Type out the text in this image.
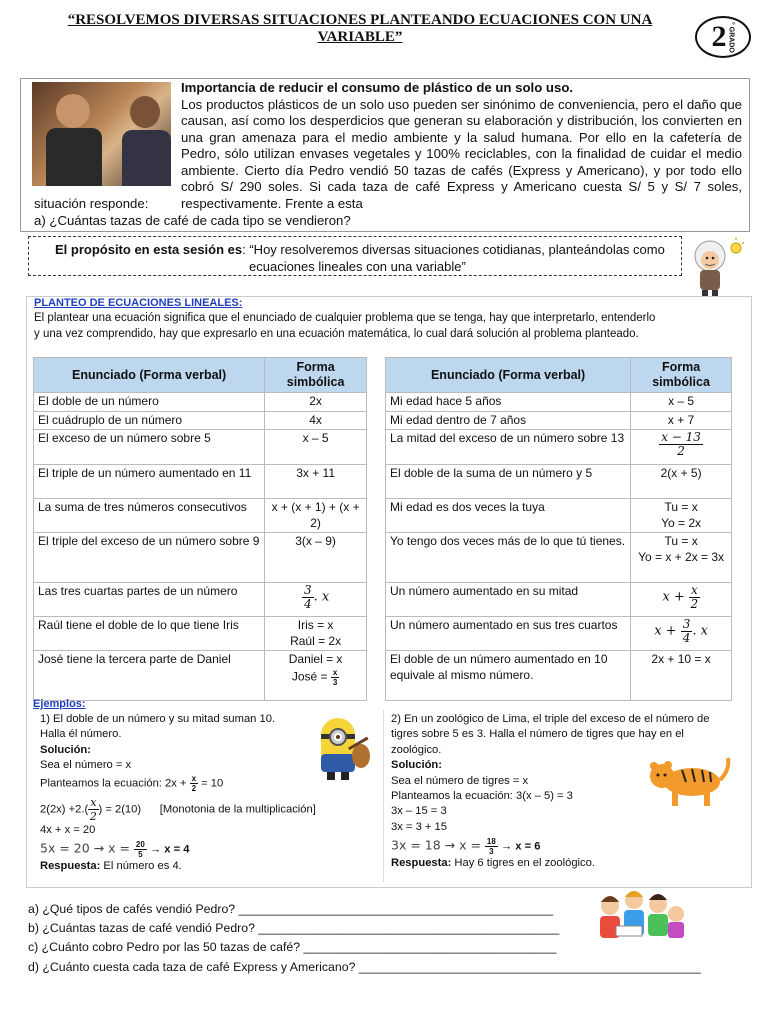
“RESOLVEMOS DIVERSAS SITUACIONES PLANTEANDO ECUACIONES CON UNA VARIABLE”	2 ° GRADO
Importancia de reducir el consumo de plástico de un solo uso.
Los productos plásticos de un solo uso pueden ser sinónimo de conveniencia, pero el daño que causan, así como los desperdicios que generan su elaboración y distribución, los convierten en una gran amenaza para el medio ambiente y la salud humana. Por ello en la cafetería de Pedro, sólo utilizan envases vegetales y 100% reciclables, con la finalidad de cuidar el medio ambiente. Cierto día Pedro vendió 50 tazas de cafés (Express y Americano), y por todo ello cobró S/ 290 soles. Si cada taza de café Express y Americano cuesta S/ 5 y S/ 7 soles, respectivamente. Frente a esta
situación responde:
a) ¿Cuántas tazas de café de cada tipo se vendieron?
El propósito en esta sesión es: “Hoy resolveremos diversas situaciones cotidianas, planteándolas como
ecuaciones lineales con una variable”
PLANTEO DE ECUACIONES LINEALES:
El plantear una ecuación significa que el enunciado de cualquier problema que se tenga, hay que interpretarlo, entenderlo
y una vez comprendido, hay que expresarlo en una ecuación matemática, lo cual dará solución al problema planteado.
Enunciado (Forma verbal)	Forma
simbólica
El doble de un número	2x
El cuádruplo de un número	4x
El exceso de un número sobre 5	x – 5
El triple de un número aumentado en 11	3x + 11
La suma de tres números consecutivos	x + (x + 1) + (x + 2)
El triple del exceso de un número sobre 9	3(x – 9)
Las tres cuartas partes de un número	$\frac{3}{4}$ . x
Raúl tiene el doble de lo que tiene Iris	Iris = x
Raúl = 2x

José tiene la tercera parte de Daniel	Daniel = x
José = $\frac{x}{3}$
Enunciado (Forma verbal)	Forma
simbólica
Mi edad hace 5 años	x – 5
Mi edad dentro de 7 años	x + 7
La mitad del exceso de un número sobre 13	$\frac{x - 13}{2}$

El doble de la suma de un número y 5	2(x + 5)
Mi edad es dos veces la tuya	Tu = x
Yo = 2x

Yo tengo dos veces más de lo que tú tienes.	Tu = x
Yo = x + 2x = 3x

Un número aumentado en su mitad	$x + \frac{x}{2}$

Un número aumentado en sus tres cuartos	$x + \frac{3}{4}$ . x
El doble de un número aumentado en 10 equivale al mismo número.	2x + 10 = x
Ejemplos:
1) El doble de un número y su mitad suman 10.
Halla él número.
Solución:
Sea el número = x
Planteamos la ecuación: $2x + \frac{x}{2} = 10$
$2(2x) +2.( \frac{x}{2}$ ) = 2(10) [Monotonia de la multiplicación]
4x + x = 20
$5x = 20 \to x = \frac{20}{5} \to x = 4$
Respuesta: El número es 4.
2) En un zoológico de Lima, el triple del exceso de el número de
tigres sobre 5 es 3. Halla el número de tigres que hay en el
zoológico.
Solución:
Sea el número de tigres = x
Planteamos la ecuación: 3(x – 5) = 3
3x – 15 = 3
3x = 3 + 15
$3x = 18 \to x = \frac{18}{3} \to x = 6$
Respuesta: Hay 6 tigres en el zoológico.
a) ¿Qué tipos de cafés vendió Pedro? ______________________________________________
b) ¿Cuántas tazas de café vendió Pedro? ____________________________________________
c) ¿Cuánto cobro Pedro por las 50 tazas de café? _____________________________________
d) ¿Cuánto cuesta cada taza de café Express y Americano? __________________________________________________
